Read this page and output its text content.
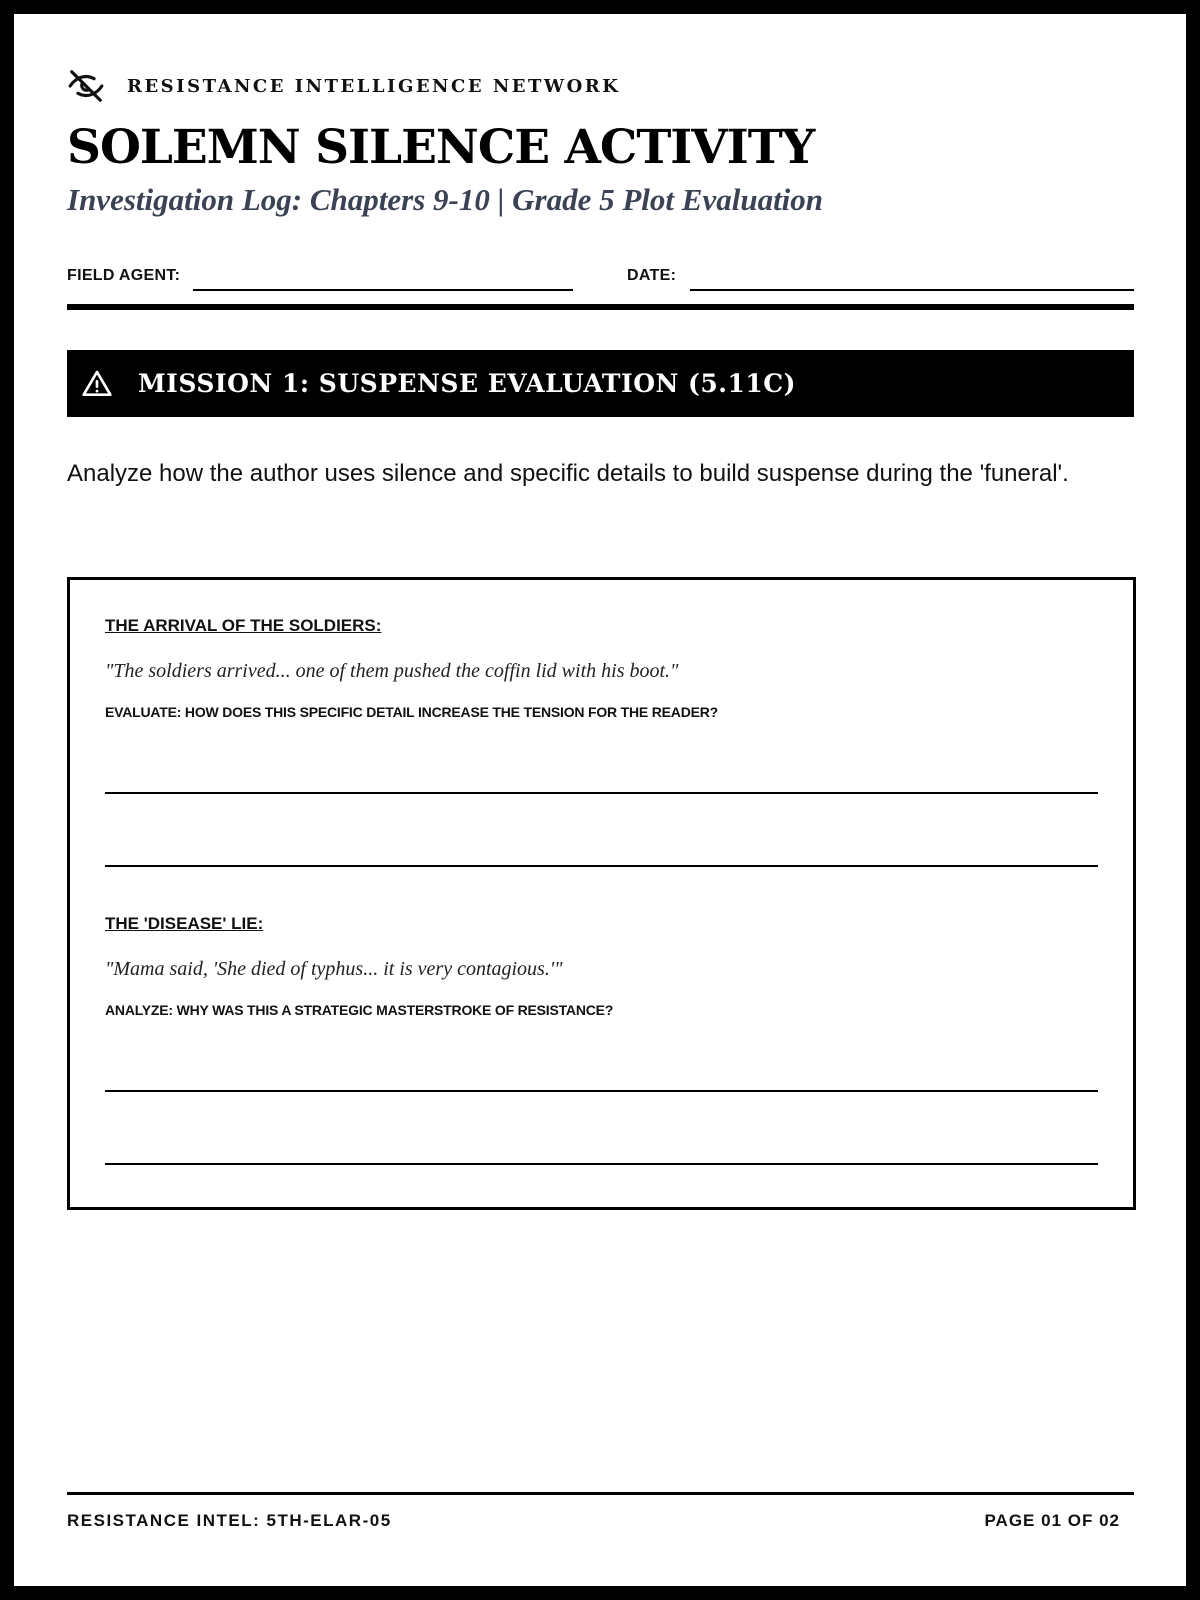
RESISTANCE INTELLIGENCE NETWORK
SOLEMN SILENCE ACTIVITY

Investigation Log: Chapters 9-10 | Grade 5 Plot Evaluation

FIELD AGENT:	DATE:
MISSION 1: SUSPENSE EVALUATION (5.11C)

Analyze how the author uses silence and specific details to build suspense during the 'funeral'.

THE ARRIVAL OF THE SOLDIERS:
"The soldiers arrived... one of them pushed the coffin lid with his boot."
EVALUATE: HOW DOES THIS SPECIFIC DETAIL INCREASE THE TENSION FOR THE READER?
THE 'DISEASE' LIE:
"Mama said, 'She died of typhus... it is very contagious.'"
ANALYZE: WHY WAS THIS A STRATEGIC MASTERSTROKE OF RESISTANCE?
RESISTANCE INTEL: 5TH-ELAR-05	PAGE 01 OF 02
